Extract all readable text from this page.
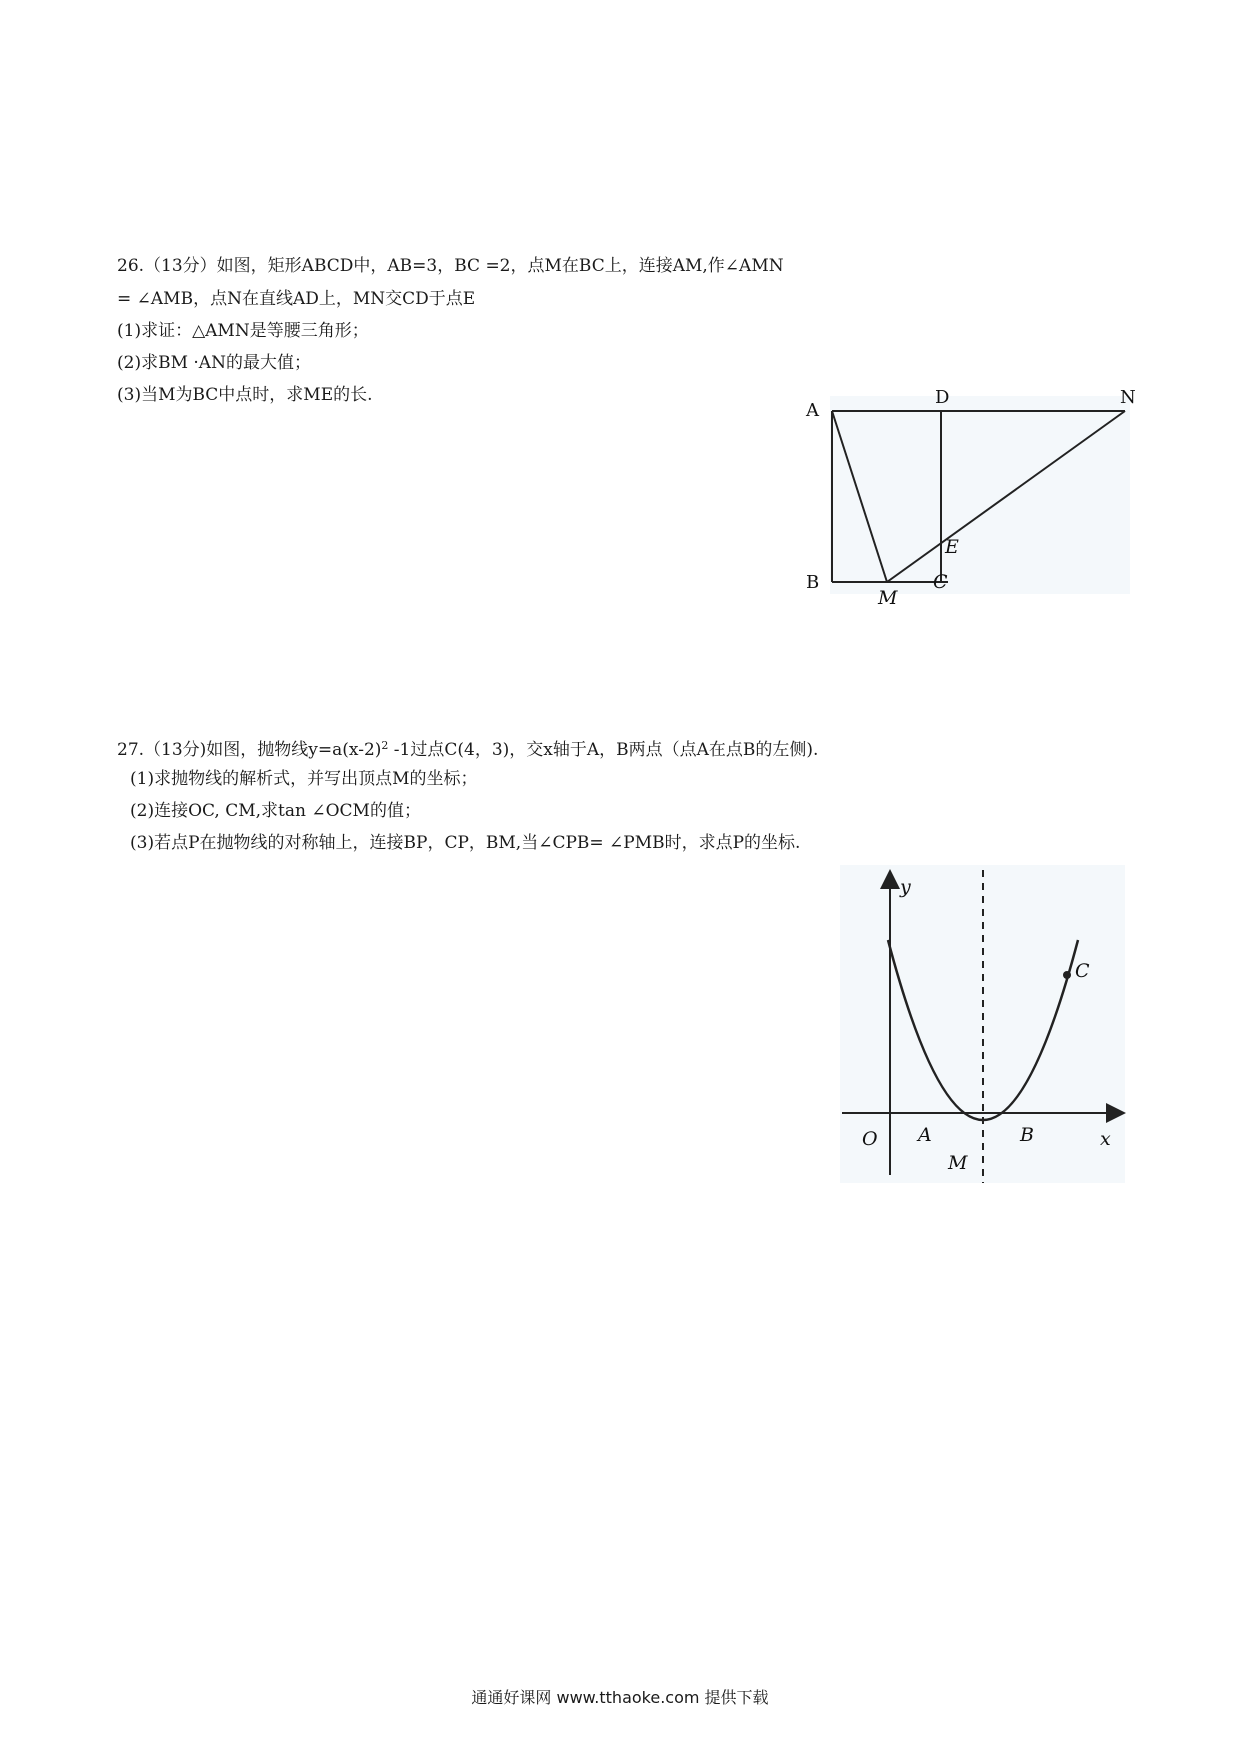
26.（13分）如图，矩形ABCD中，AB=3，BC =2，点M在BC上，连接AM,作∠AMN
= ∠AMB，点N在直线AD上，MN交CD于点E
(1)求证：△AMN是等腰三角形；
(2)求BM ·AN的最大值；
(3)当M为BC中点时，求ME的长.
A
D	N
B
M
C
E
27.（13分)如图，抛物线$y=a(x-2)^2$ -1过点C(4，3)，交x轴于A，B两点（点A在点B的左侧).
(1)求抛物线的解析式，并写出顶点M的坐标；
(2)连接OC, CM,求tan ∠OCM的值；
(3)若点P在抛物线的对称轴上，连接BP，CP，BM,当∠CPB= ∠PMB时，求点P的坐标.
y
x
O A	B
C
M
通通好课网 www.tthaoke.com 提供下载
